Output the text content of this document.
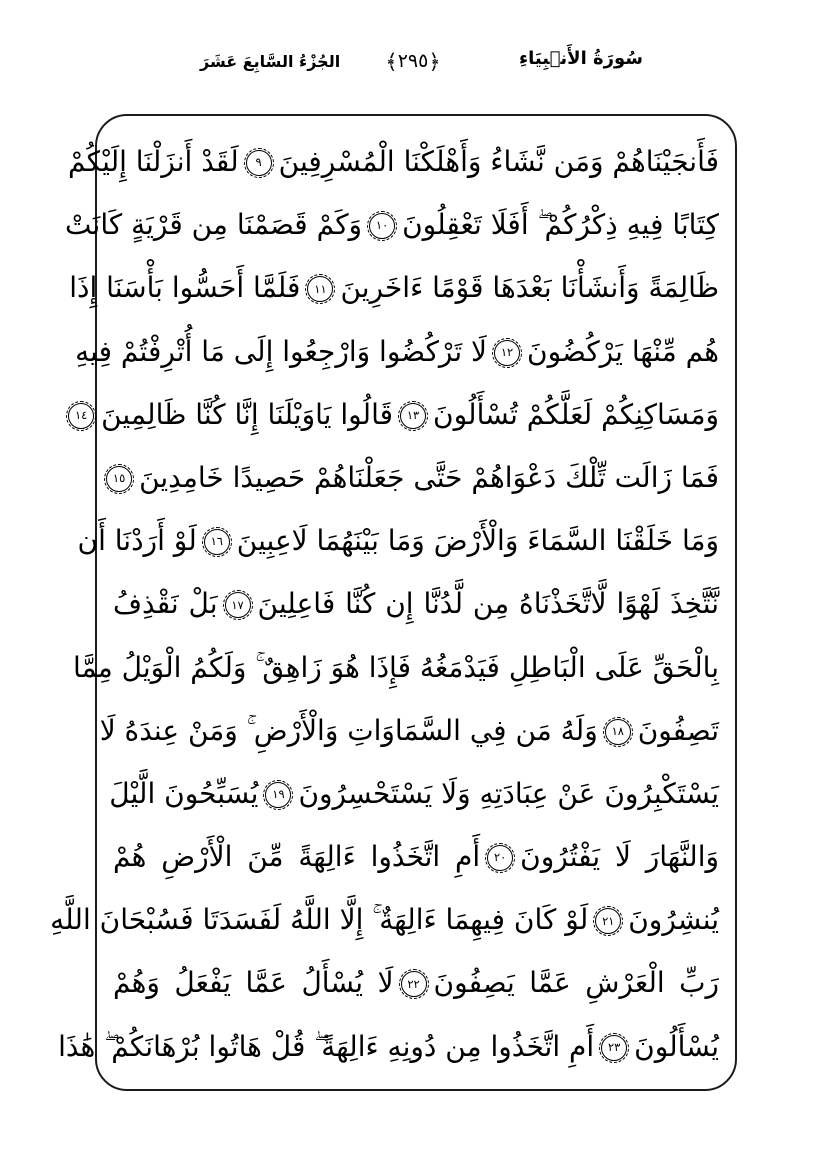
سُورَةُ الأَنۢبِيَاءِ
﴿٢٩٥﴾
الجُزْءُ السَّابِعَ عَشَرَ
فَأَنجَيْنَاهُمْ وَمَن نَّشَاءُ وَأَهْلَكْنَا الْمُسْرِفِينَ٩لَقَدْ أَنزَلْنَا إِلَيْكُمْ
كِتَابًا فِيهِ ذِكْرُكُمْ ۖ أَفَلَا تَعْقِلُونَ١٠وَكَمْ قَصَمْنَا مِن قَرْيَةٍ كَانَتْ
ظَالِمَةً وَأَنشَأْنَا بَعْدَهَا قَوْمًا ءَاخَرِينَ١١فَلَمَّا أَحَسُّوا بَأْسَنَا إِذَا
هُم مِّنْهَا يَرْكُضُونَ١٢لَا تَرْكُضُوا وَارْجِعُوا إِلَى مَا أُتْرِفْتُمْ فِيهِ
وَمَسَاكِنِكُمْ لَعَلَّكُمْ تُسْأَلُونَ١٣قَالُوا يَاوَيْلَنَا إِنَّا كُنَّا ظَالِمِينَ١٤
فَمَا زَالَت تِّلْكَ دَعْوَاهُمْ حَتَّى جَعَلْنَاهُمْ حَصِيدًا خَامِدِينَ١٥
وَمَا خَلَقْنَا السَّمَاءَ وَالْأَرْضَ وَمَا بَيْنَهُمَا لَاعِبِينَ١٦لَوْ أَرَدْنَا أَن
نَّتَّخِذَ لَهْوًا لَّاتَّخَذْنَاهُ مِن لَّدُنَّا إِن كُنَّا فَاعِلِينَ١٧بَلْ نَقْذِفُ
بِالْحَقِّ عَلَى الْبَاطِلِ فَيَدْمَغُهُ فَإِذَا هُوَ زَاهِقٌ ۚ وَلَكُمُ الْوَيْلُ مِمَّا
تَصِفُونَ١٨وَلَهُ مَن فِي السَّمَاوَاتِ وَالْأَرْضِ ۚ وَمَنْ عِندَهُ لَا
يَسْتَكْبِرُونَ عَنْ عِبَادَتِهِ وَلَا يَسْتَحْسِرُونَ١٩يُسَبِّحُونَ الَّيْلَ
وَالنَّهَارَ لَا يَفْتُرُونَ٢٠أَمِ اتَّخَذُوا ءَالِهَةً مِّنَ الْأَرْضِ هُمْ
يُنشِرُونَ٢١لَوْ كَانَ فِيهِمَا ءَالِهَةٌ ۚ إِلَّا اللَّهُ لَفَسَدَتَا فَسُبْحَانَ اللَّهِ
رَبِّ الْعَرْشِ عَمَّا يَصِفُونَ٢٢لَا يُسْأَلُ عَمَّا يَفْعَلُ وَهُمْ
يُسْأَلُونَ٢٣أَمِ اتَّخَذُوا مِن دُونِهِ ءَالِهَةً ۖ قُلْ هَاتُوا بُرْهَانَكُمْ ۖ هَٰذَا
